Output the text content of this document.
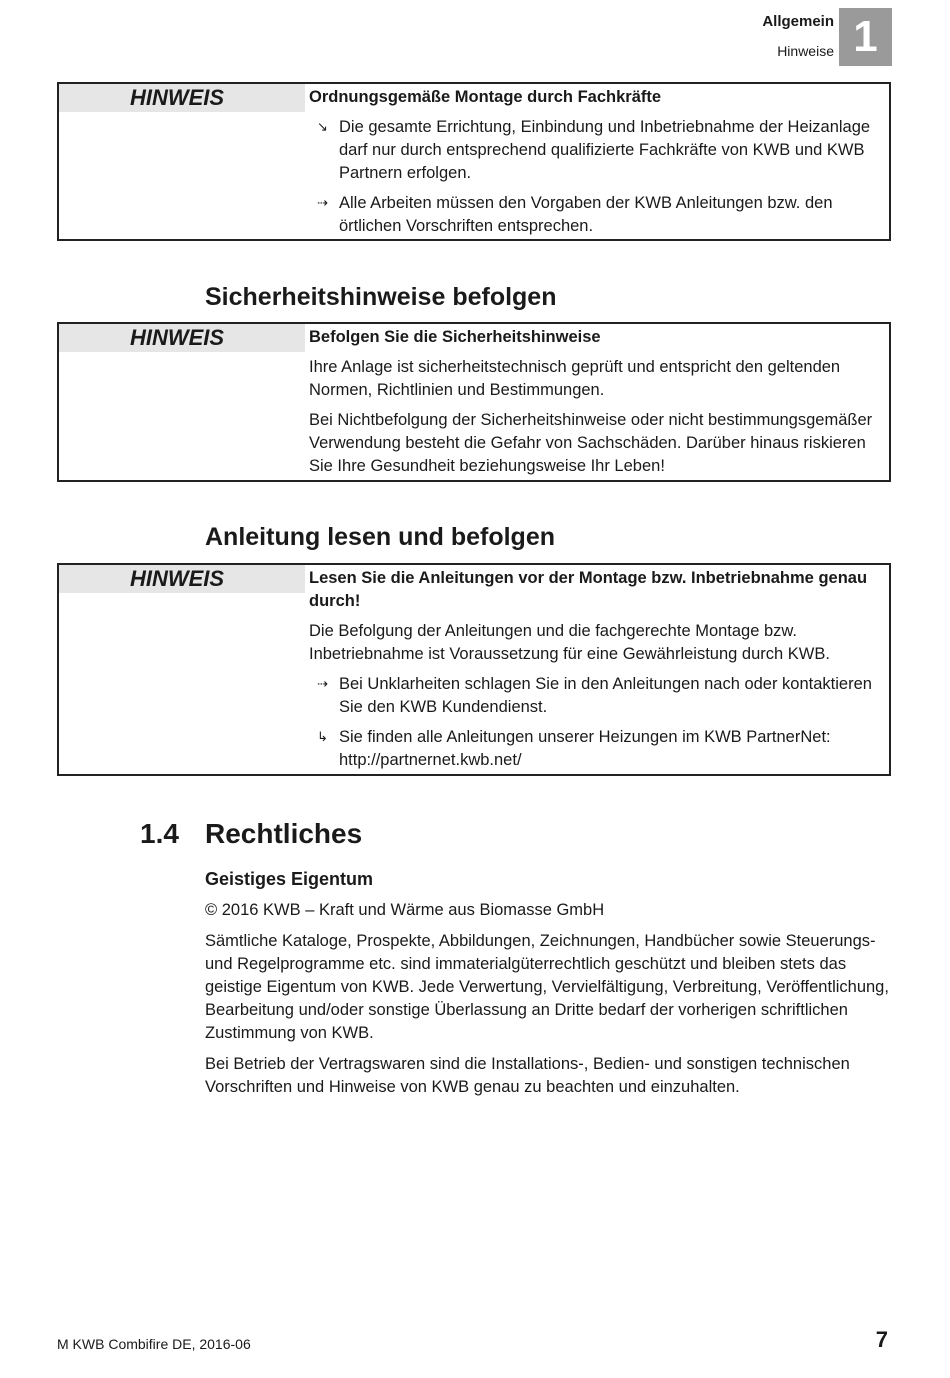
Allgemein
Hinweise 1
HINWEIS	Ordnungsgemäße Montage durch Fachkräfte
↘ Die gesamte Errichtung, Einbindung und Inbetriebnahme der Heizanlage darf nur durch entsprechend qualifizierte Fachkräfte von KWB und KWB Partnern erfolgen.
⇢ Alle Arbeiten müssen den Vorgaben der KWB Anleitungen bzw. den örtlichen Vorschriften entsprechen.
Sicherheitshinweise befolgen
HINWEIS	Befolgen Sie die Sicherheitshinweise

Ihre Anlage ist sicherheitstechnisch geprüft und entspricht den geltenden Normen, Richtlinien und Bestimmungen.

Bei Nichtbefolgung der Sicherheitshinweise oder nicht bestimmungsgemäßer Verwendung besteht die Gefahr von Sachschäden. Darüber hinaus riskieren Sie Ihre Gesundheit beziehungsweise Ihr Leben!

Anleitung lesen und befolgen
HINWEIS	Lesen Sie die Anleitungen vor der Montage bzw. Inbetriebnahme genau durch!

Die Befolgung der Anleitungen und die fachgerechte Montage bzw. Inbetriebnahme ist Voraussetzung für eine Gewährleistung durch KWB.

⇢ Bei Unklarheiten schlagen Sie in den Anleitungen nach oder kontaktieren Sie den KWB Kundendienst.
↳ Sie finden alle Anleitungen unserer Heizungen im KWB PartnerNet: http://partnernet.kwb.net/
1.4 Rechtliches
Geistiges Eigentum

© 2016 KWB – Kraft und Wärme aus Biomasse GmbH

Sämtliche Kataloge, Prospekte, Abbildungen, Zeichnungen, Handbücher sowie Steuerungs- und Regelprogramme etc. sind immaterialgüterrechtlich geschützt und bleiben stets das geistige Eigentum von KWB. Jede Verwertung, Vervielfältigung, Verbreitung, Veröffentlichung, Bearbeitung und/oder sonstige Überlassung an Dritte bedarf der vorherigen schriftlichen Zustimmung von KWB.

Bei Betrieb der Vertragswaren sind die Installations-, Bedien- und sonstigen technischen Vorschriften und Hinweise von KWB genau zu beachten und einzuhalten.

M KWB Combifire DE, 2016-06	7
